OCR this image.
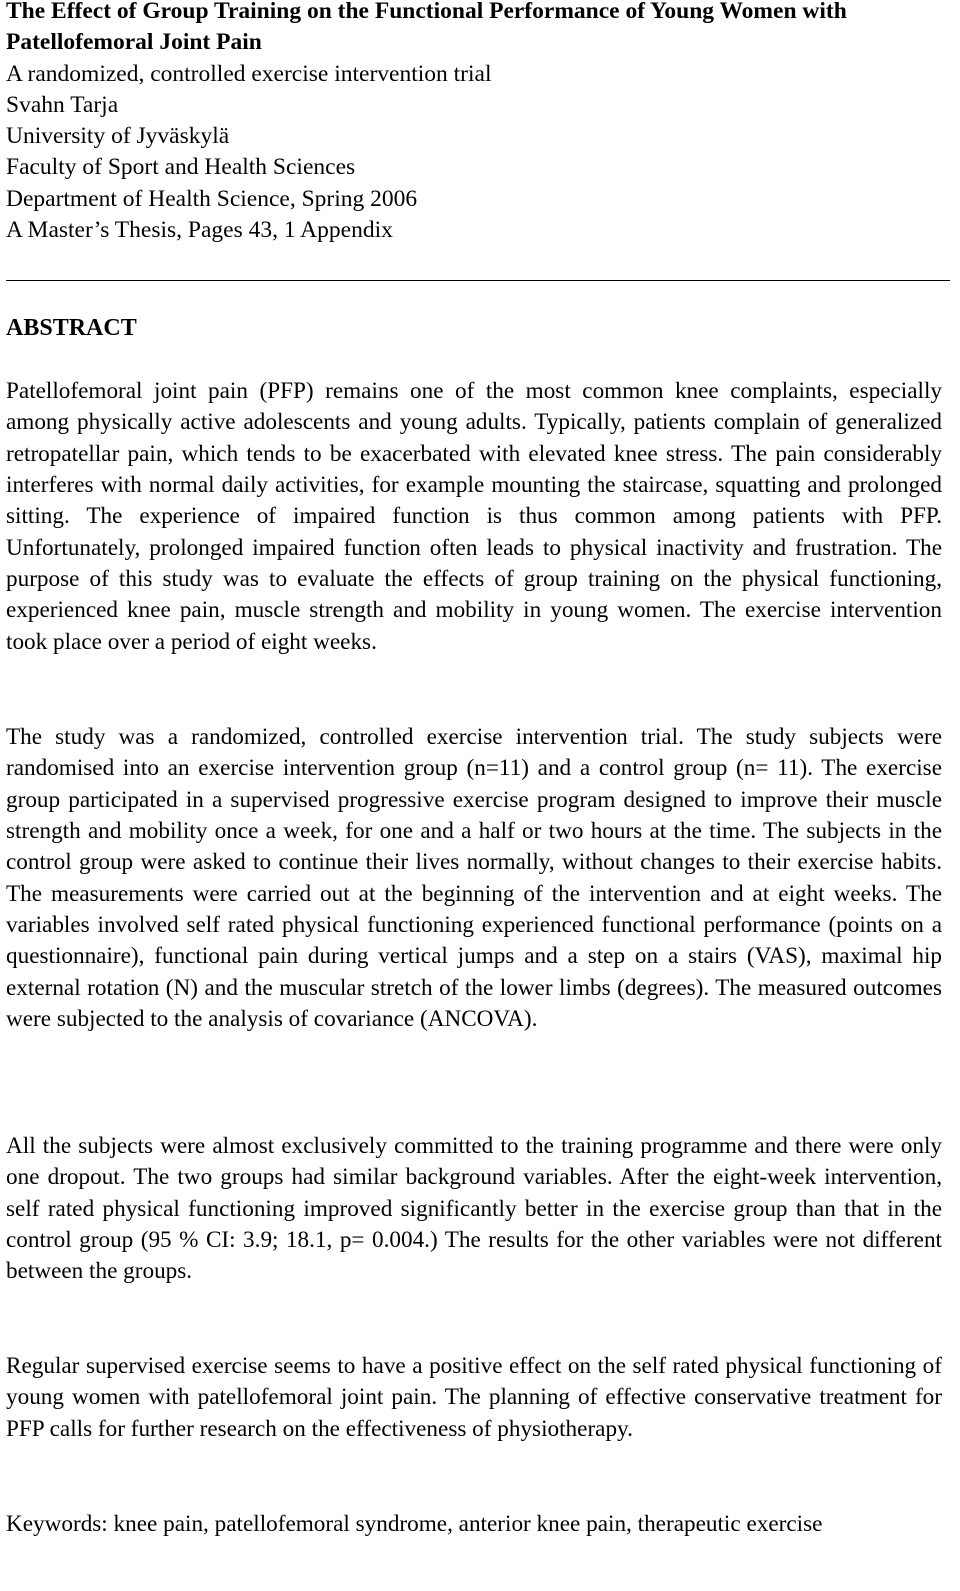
The Effect of Group Training on the Functional Performance of Young Women with Patellofemoral Joint Pain
A randomized, controlled exercise intervention trial
Svahn Tarja
University of Jyväskylä
Faculty of Sport and Health Sciences
Department of Health Science, Spring 2006
A Master’s Thesis, Pages 43, 1 Appendix
ABSTRACT

Patellofemoral joint pain (PFP) remains one of the most common knee complaints, especially among physically active adolescents and young adults. Typically, patients complain of generalized retropatellar pain, which tends to be exacerbated with elevated knee stress. The pain considerably interferes with normal daily activities, for example mounting the staircase, squatting and prolonged sitting. The experience of impaired function is thus common among patients with PFP. Unfortunately, prolonged impaired function often leads to physical inactivity and frustration. The purpose of this study was to evaluate the effects of group training on the physical functioning, experienced knee pain, muscle strength and mobility in young women. The exercise intervention took place over a period of eight weeks.

The study was a randomized, controlled exercise intervention trial. The study subjects were randomised into an exercise intervention group (n=11) and a control group (n= 11). The exercise group participated in a supervised progressive exercise program designed to improve their muscle strength and mobility once a week, for one and a half or two hours at the time. The subjects in the control group were asked to continue their lives normally, without changes to their exercise habits. The measurements were carried out at the beginning of the intervention and at eight weeks. The variables involved self rated physical functioning experienced functional performance (points on a questionnaire), functional pain during vertical jumps and a step on a stairs (VAS), maximal hip external rotation (N) and the muscular stretch of the lower limbs (degrees). The measured outcomes were subjected to the analysis of covariance (ANCOVA).

All the subjects were almost exclusively committed to the training programme and there were only one dropout. The two groups had similar background variables. After the eight-week intervention, self rated physical functioning improved significantly better in the exercise group than that in the control group (95 % CI: 3.9; 18.1, p= 0.004.) The results for the other variables were not different between the groups.

Regular supervised exercise seems to have a positive effect on the self rated physical functioning of young women with patellofemoral joint pain. The planning of effective conservative treatment for PFP calls for further research on the effectiveness of physiotherapy.

Keywords: knee pain, patellofemoral syndrome, anterior knee pain, therapeutic exercise
